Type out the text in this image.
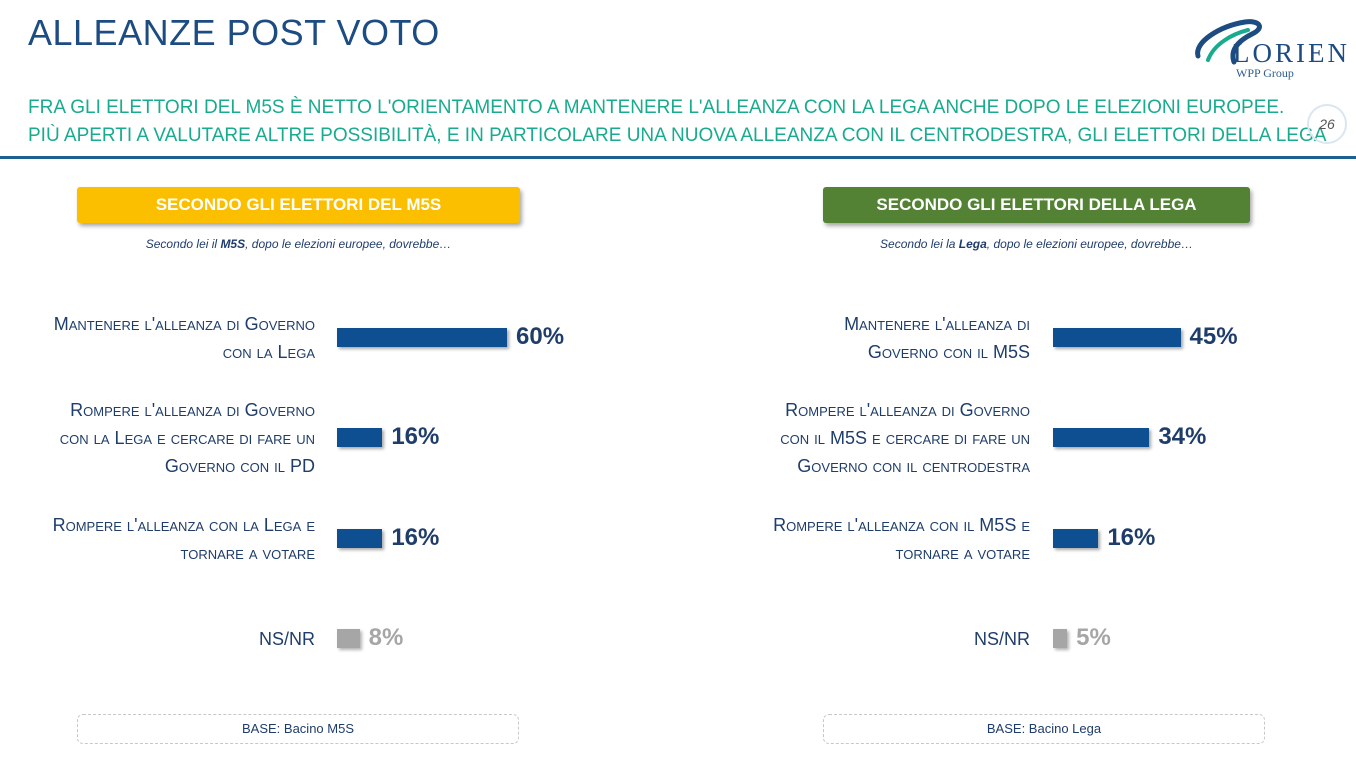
ALLEANZE POST VOTO	LORIEN
WPP Group
FRA GLI ELETTORI DEL M5S È NETTO L'ORIENTAMENTO A MANTENERE L'ALLEANZA CON LA LEGA ANCHE DOPO LE ELEZIONI EUROPEE.
PIÙ APERTI A VALUTARE ALTRE POSSIBILITÀ, E IN PARTICOLARE UNA NUOVA ALLEANZA CON IL CENTRODESTRA, GLI ELETTORI DELLA LEGA
26
SECONDO GLI ELETTORI DEL M5S
Secondo lei il M5S, dopo le elezioni europee, dovrebbe…
Mantenere l'alleanza di Governo
con la Lega
60%
Rompere l'alleanza di Governo
con la Lega e cercare di fare un
Governo con il PD
16%
Rompere l'alleanza con la Lega e
tornare a votare
16%
NS/NR 8%
BASE: Bacino M5S
SECONDO GLI ELETTORI DELLA LEGA
Secondo lei la Lega, dopo le elezioni europee, dovrebbe…
Mantenere l'alleanza di
Governo con il M5S
45%
Rompere l'alleanza di Governo
con il M5S e cercare di fare un
Governo con il centrodestra
34%
Rompere l'alleanza con il M5S e
tornare a votare
16%
NS/NR 5%
BASE: Bacino Lega
